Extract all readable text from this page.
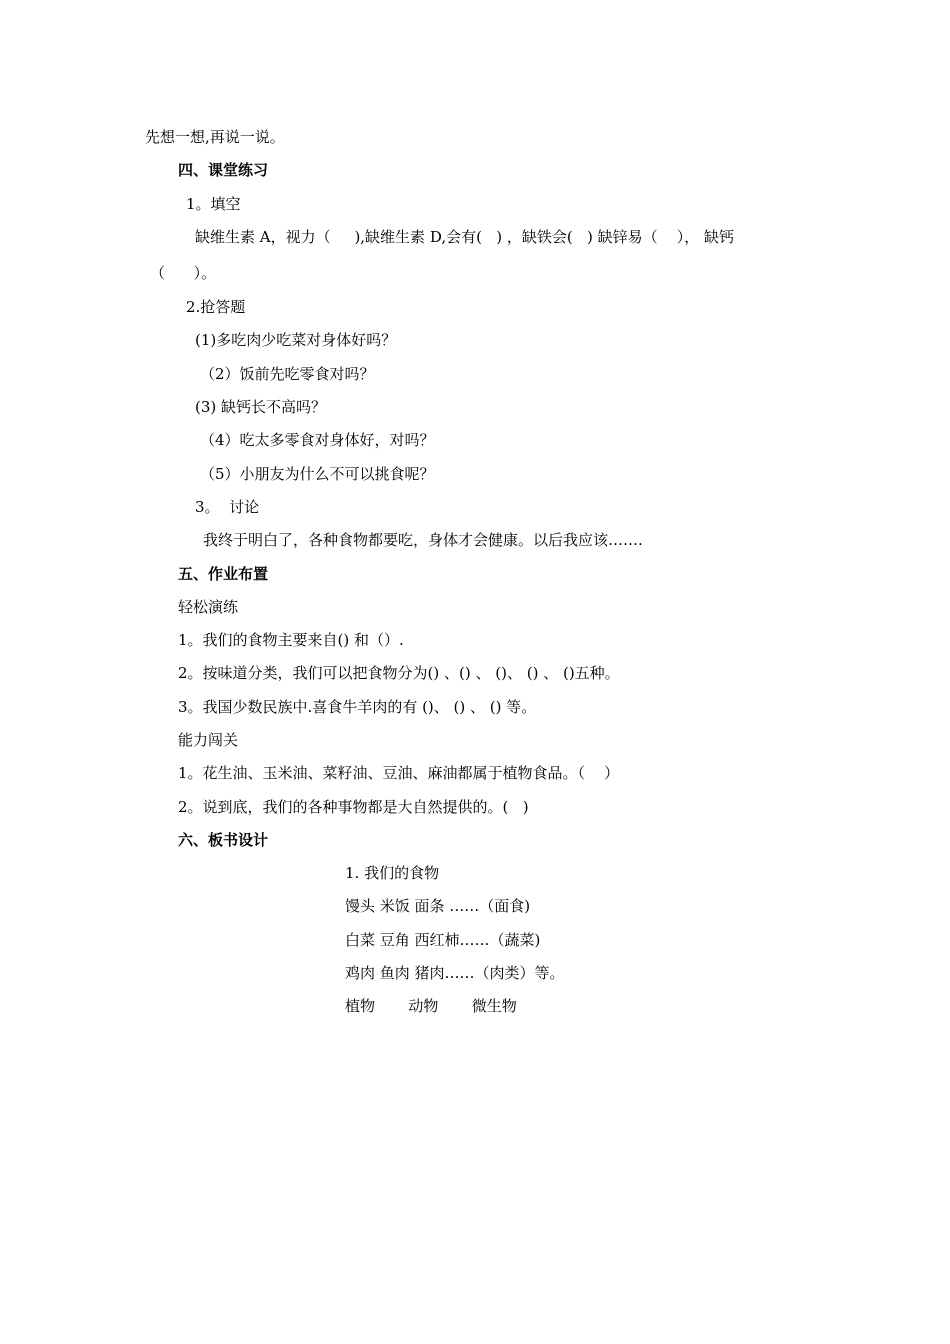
先想一想,再说一说。
四、课堂练习
1。填空
缺维生素 A，视力（     ),缺维生素 D,会有(   ) ，缺铁会(   ) 缺锌易（    ）， 缺钙
（      ）。
2.抢答题
(1)多吃肉少吃菜对身体好吗？
（2）饭前先吃零食对吗？
(3) 缺钙长不高吗？
（4）吃太多零食对身体好，对吗？
（5）小朋友为什么不可以挑食呢？
3。  讨论
我终于明白了，各种食物都要吃，身体才会健康。以后我应该…….
五、作业布置
轻松演练
1。我们的食物主要来自() 和（）.
2。按味道分类，我们可以把食物分为() 、() 、 ()、 () 、 ()五种。
3。我国少数民族中.喜食牛羊肉的有 ()、 () 、 () 等。
能力闯关
1。花生油、玉米油、菜籽油、豆油、麻油都属于植物食品。（    ）
2。说到底，我们的各种事物都是大自然提供的。(   )
六、板书设计
1. 我们的食物
馒头 米饭 面条 ……（面食)
白菜 豆角 西红柿……（蔬菜)
鸡肉 鱼肉 猪肉……（肉类）等。
植物       动物       微生物
